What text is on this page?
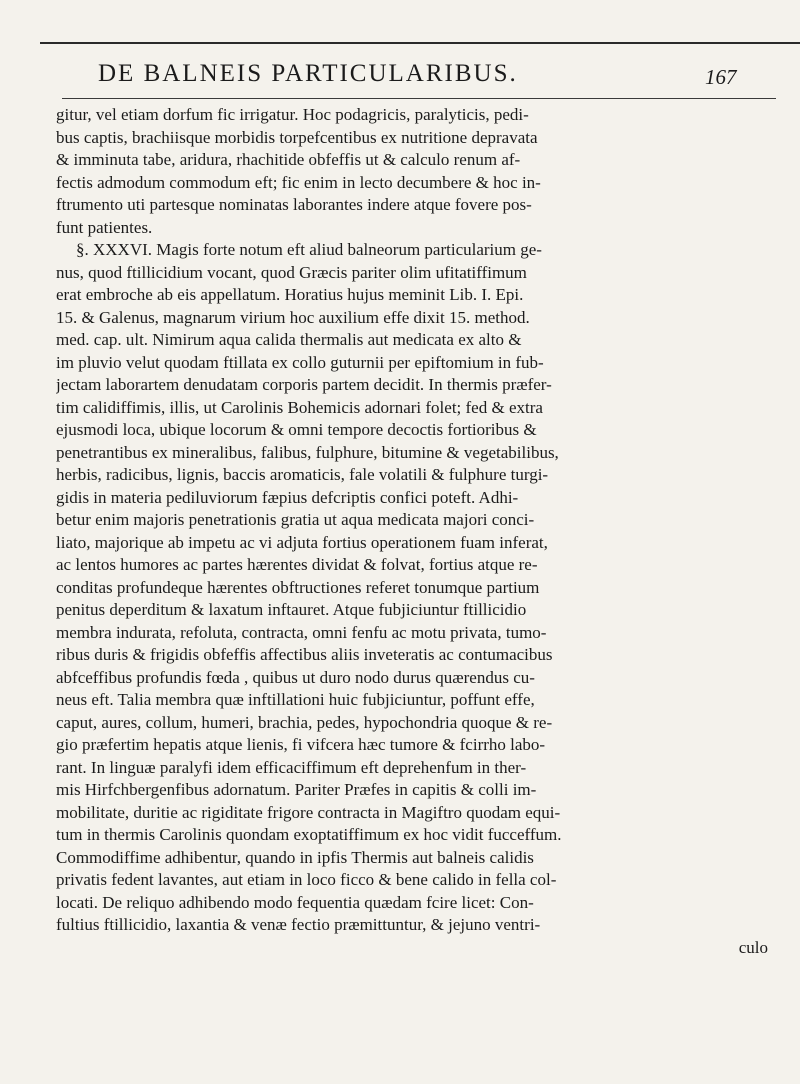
DE BALNEIS PARTICULARIBUS.	167
gitur, vel etiam dorfum fic irrigatur. Hoc podagricis, paralyticis, pedi-
bus captis, brachiisque morbidis torpefcentibus ex nutritione depravata
& imminuta tabe, aridura, rhachitide obfeffis ut & calculo renum af-
fectis admodum commodum eft; fic enim in lecto decumbere & hoc in-
ftrumento uti partesque nominatas laborantes indere atque fovere pos-
funt patientes.
§. XXXVI. Magis forte notum eft aliud balneorum particularium ge-
nus, quod ftillicidium vocant, quod Græcis pariter olim ufitatiffimum
erat embroche ab eis appellatum. Horatius hujus meminit Lib. I. Epi.
15. & Galenus, magnarum virium hoc auxilium effe dixit 15. method.
med. cap. ult. Nimirum aqua calida thermalis aut medicata ex alto &
im pluvio velut quodam ftillata ex collo guturnii per epiftomium in fub-
jectam laborartem denudatam corporis partem decidit. In thermis præfer-
tim calidiffimis, illis, ut Carolinis Bohemicis adornari folet; fed & extra
ejusmodi loca, ubique locorum & omni tempore decoctis fortioribus &
penetrantibus ex mineralibus, falibus, fulphure, bitumine & vegetabilibus,
herbis, radicibus, lignis, baccis aromaticis, fale volatili & fulphure turgi-
gidis in materia pediluviorum fæpius defcriptis confici poteft. Adhi-
betur enim majoris penetrationis gratia ut aqua medicata majori conci-
liato, majorique ab impetu ac vi adjuta fortius operationem fuam inferat,
ac lentos humores ac partes hærentes dividat & folvat, fortius atque re-
conditas profundeque hærentes obftructiones referet tonumque partium
penitus deperditum & laxatum inftauret. Atque fubjiciuntur ftillicidio
membra indurata, refoluta, contracta, omni fenfu ac motu privata, tumo-
ribus duris & frigidis obfeffis affectibus aliis inveteratis ac contumacibus
abfceffibus profundis fœda , quibus ut duro nodo durus quærendus cu-
neus eft. Talia membra quæ inftillationi huic fubjiciuntur, poffunt effe,
caput, aures, collum, humeri, brachia, pedes, hypochondria quoque & re-
gio præfertim hepatis atque lienis, fi vifcera hæc tumore & fcirrho labo-
rant. In linguæ paralyfi idem efficaciffimum eft deprehenfum in ther-
mis Hirfchbergenfibus adornatum. Pariter Præfes in capitis & colli im-
mobilitate, duritie ac rigiditate frigore contracta in Magiftro quodam equi-
tum in thermis Carolinis quondam exoptatiffimum ex hoc vidit fucceffum.
Commodiffime adhibentur, quando in ipfis Thermis aut balneis calidis
privatis fedent lavantes, aut etiam in loco ficco & bene calido in fella col-
locati. De reliquo adhibendo modo fequentia quædam fcire licet: Con-
fultius ftillicidio, laxantia & venæ fectio præmittuntur, & jejuno ventri-
culo
